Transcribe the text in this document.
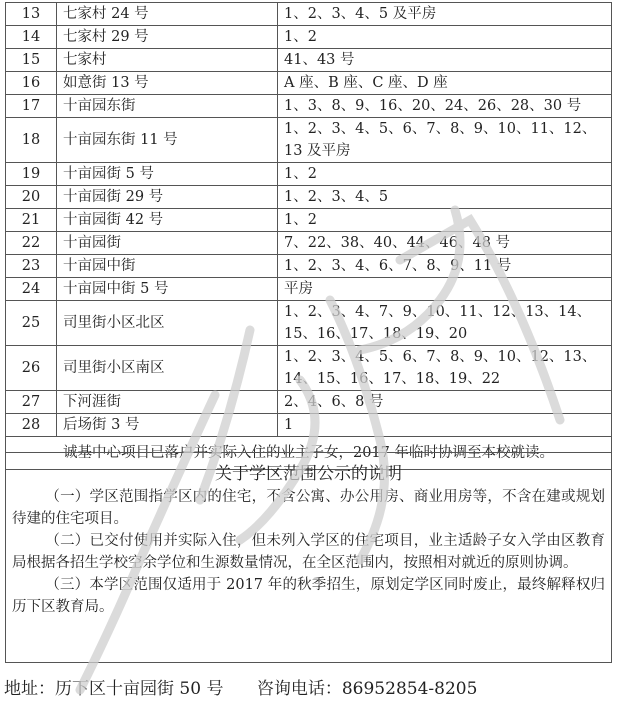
13	七家村 24 号	1、2、3、4、5 及平房
14	七家村 29 号	1、2
15	七家村	41、43 号
16	如意街 13 号	A 座、B 座、C 座、D 座
17	十亩园东街	1、3、8、9、16、20、24、26、28、30 号
18	十亩园东街 11 号	1、2、3、4、5、6、7、8、9、10、11、12、13 及平房
19	十亩园街 5 号	1、2
20	十亩园街 29 号	1、2、3、4、5
21	十亩园街 42 号	1、2
22	十亩园街	7、22、38、40、44、46、48 号
23	十亩园中街	1、2、3、4、6、7、8、9、11 号
24	十亩园中街 5 号	平房
25	司里街小区北区	1、2、3、4、7、9、10、11、12、13、14、15、16、17、18、19、20
26	司里街小区南区	1、2、3、4、5、6、7、8、9、10、12、13、14、15、16、17、18、19、22
27	下河涯街	2、4、6、8 号
28	后场街 3 号	1
诚基中心项目已落户并实际入住的业主子女，2017 年临时协调至本校就读。		
关于学区范围公示的说明

（一）学区范围指学区内的住宅，不含公寓、办公用房、商业用房等，不含在建或规划待建的住宅项目。

（二）已交付使用并实际入住，但未列入学区的住宅项目，业主适龄子女入学由区教育局根据各招生学校空余学位和生源数量情况，在全区范围内，按照相对就近的原则协调。

（三）本学区范围仅适用于 2017 年的秋季招生，原划定学区同时废止，最终解释权归历下区教育局。

地址：历下区十亩园街 50 号 咨询电话：86952854-8205
